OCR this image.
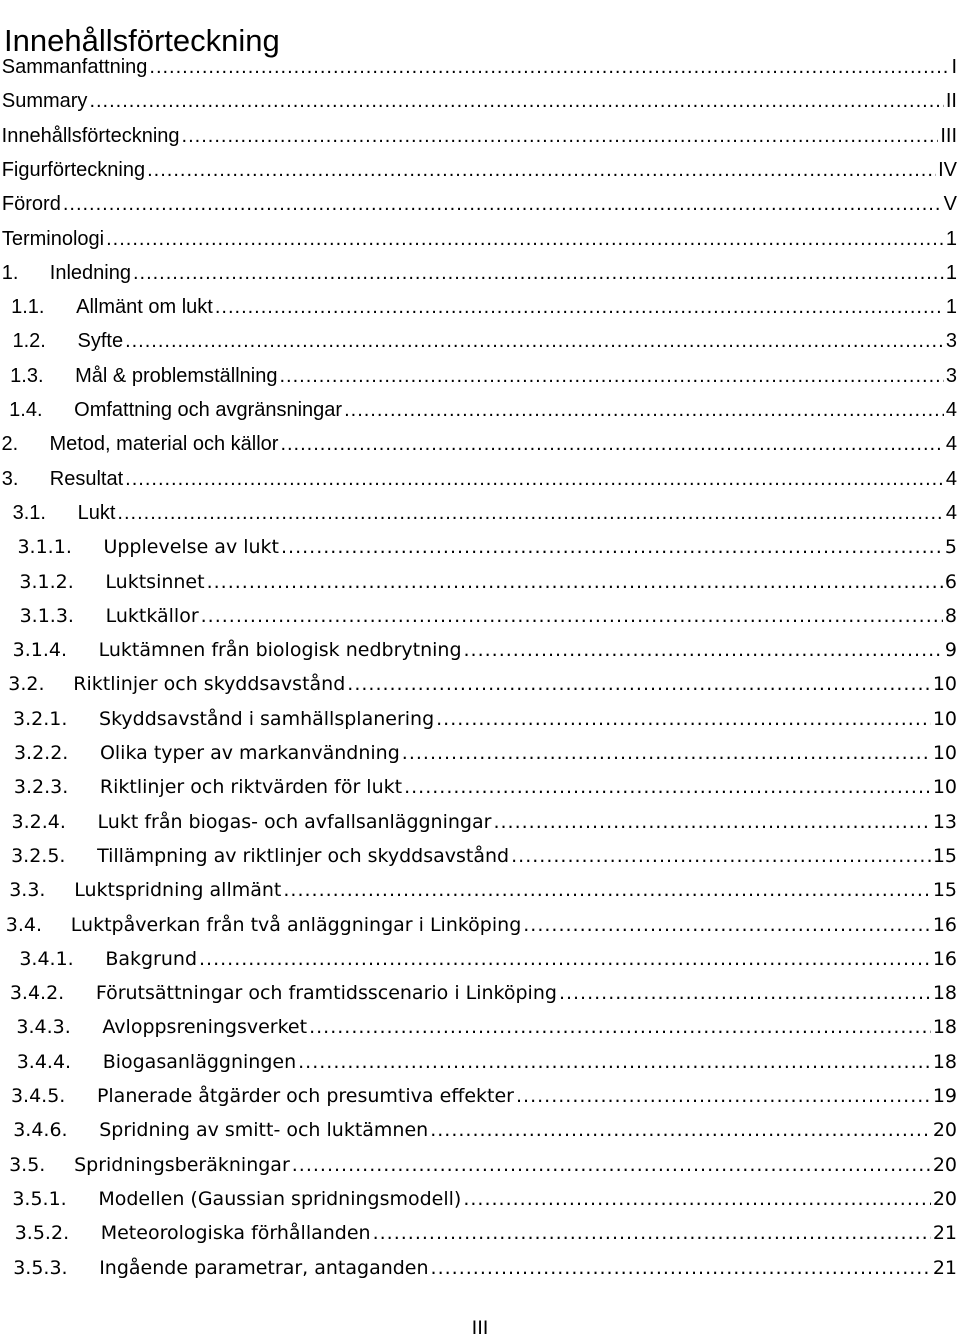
Innehållsförteckning
Sammanfattning .....	I
Summary .....	II
Innehållsförteckning .....	III
Figurförteckning .....	IV
Förord .....	V
Terminologi .....	1
1.	Inledning .....	1
1.1.	Allmänt om lukt .....	1
1.2.	Syfte .....	3
1.3.	Mål & problemställning .....	3
1.4.	Omfattning och avgränsningar .....	4
2.	Metod, material och källor .....	4
3.	Resultat .....	4
3.1.	Lukt .....	4
3.1.1.	Upplevelse av lukt .....	5
3.1.2.	Luktsinnet .....	6
3.1.3.	Luktkällor .....	8
3.1.4.	Luktämnen från biologisk nedbrytning .....	9
3.2.	Riktlinjer och skyddsavstånd .....	10
3.2.1.	Skyddsavstånd i samhällsplanering .....	10
3.2.2.	Olika typer av markanvändning .....	10
3.2.3.	Riktlinjer och riktvärden för lukt .....	10
3.2.4.	Lukt från biogas- och avfallsanläggningar .....	13
3.2.5.	Tillämpning av riktlinjer och skyddsavstånd .....	15
3.3.	Luktspridning allmänt .....	15
3.4.	Luktpåverkan från två anläggningar i Linköping .....	16
3.4.1.	Bakgrund .....	16
3.4.2.	Förutsättningar och framtidsscenario i Linköping .....	18
3.4.3.	Avloppsreningsverket .....	18
3.4.4.	Biogasanläggningen .....	18
3.4.5.	Planerade åtgärder och presumtiva effekter .....	19
3.4.6.	Spridning av smitt- och luktämnen .....	20
3.5.	Spridningsberäkningar .....	20
3.5.1.	Modellen (Gaussian spridningsmodell) .....	20
3.5.2.	Meteorologiska förhållanden .....	21
3.5.3.	Ingående parametrar, antaganden .....	21
III
